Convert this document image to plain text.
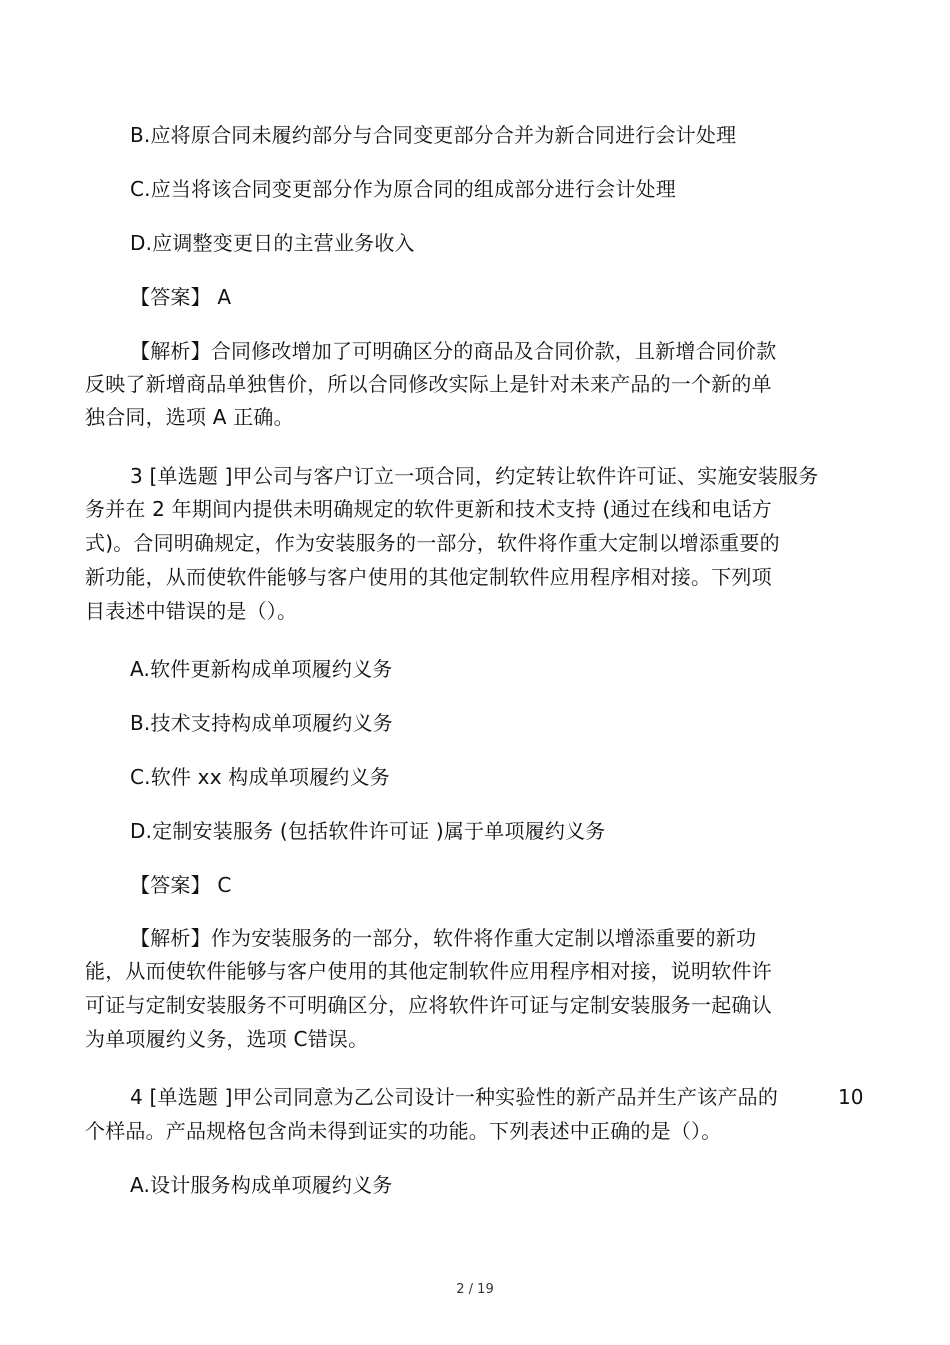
B.应将原合同未履约部分与合同变更部分合并为新合同进行会计处理
C.应当将该合同变更部分作为原合同的组成部分进行会计处理
D.应调整变更日的主营业务收入
【答案】 A
【解析】合同修改增加了可明确区分的商品及合同价款，且新增合同价款
反映了新增商品单独售价，所以合同修改实际上是针对未来产品的一个新的单
独合同，选项 A 正确。
3 [单选题 ]甲公司与客户订立一项合同，约定转让软件许可证、实施安装服务
务并在 2 年期间内提供未明确规定的软件更新和技术支持 (通过在线和电话方
式)。合同明确规定，作为安装服务的一部分，软件将作重大定制以增添重要的
新功能，从而使软件能够与客户使用的其他定制软件应用程序相对接。下列项
目表述中错误的是（）。
A.软件更新构成单项履约义务
B.技术支持构成单项履约义务
C.软件 xx 构成单项履约义务
D.定制安装服务 (包括软件许可证 )属于单项履约义务
【答案】 C
【解析】作为安装服务的一部分，软件将作重大定制以增添重要的新功
能，从而使软件能够与客户使用的其他定制软件应用程序相对接，说明软件许
可证与定制安装服务不可明确区分，应将软件许可证与定制安装服务一起确认
为单项履约义务，选项 C错误。
4 [单选题 ]甲公司同意为乙公司设计一种实验性的新产品并生产该产品的	10
个样品。产品规格包含尚未得到证实的功能。下列表述中正确的是（）。
A.设计服务构成单项履约义务
2 / 19
